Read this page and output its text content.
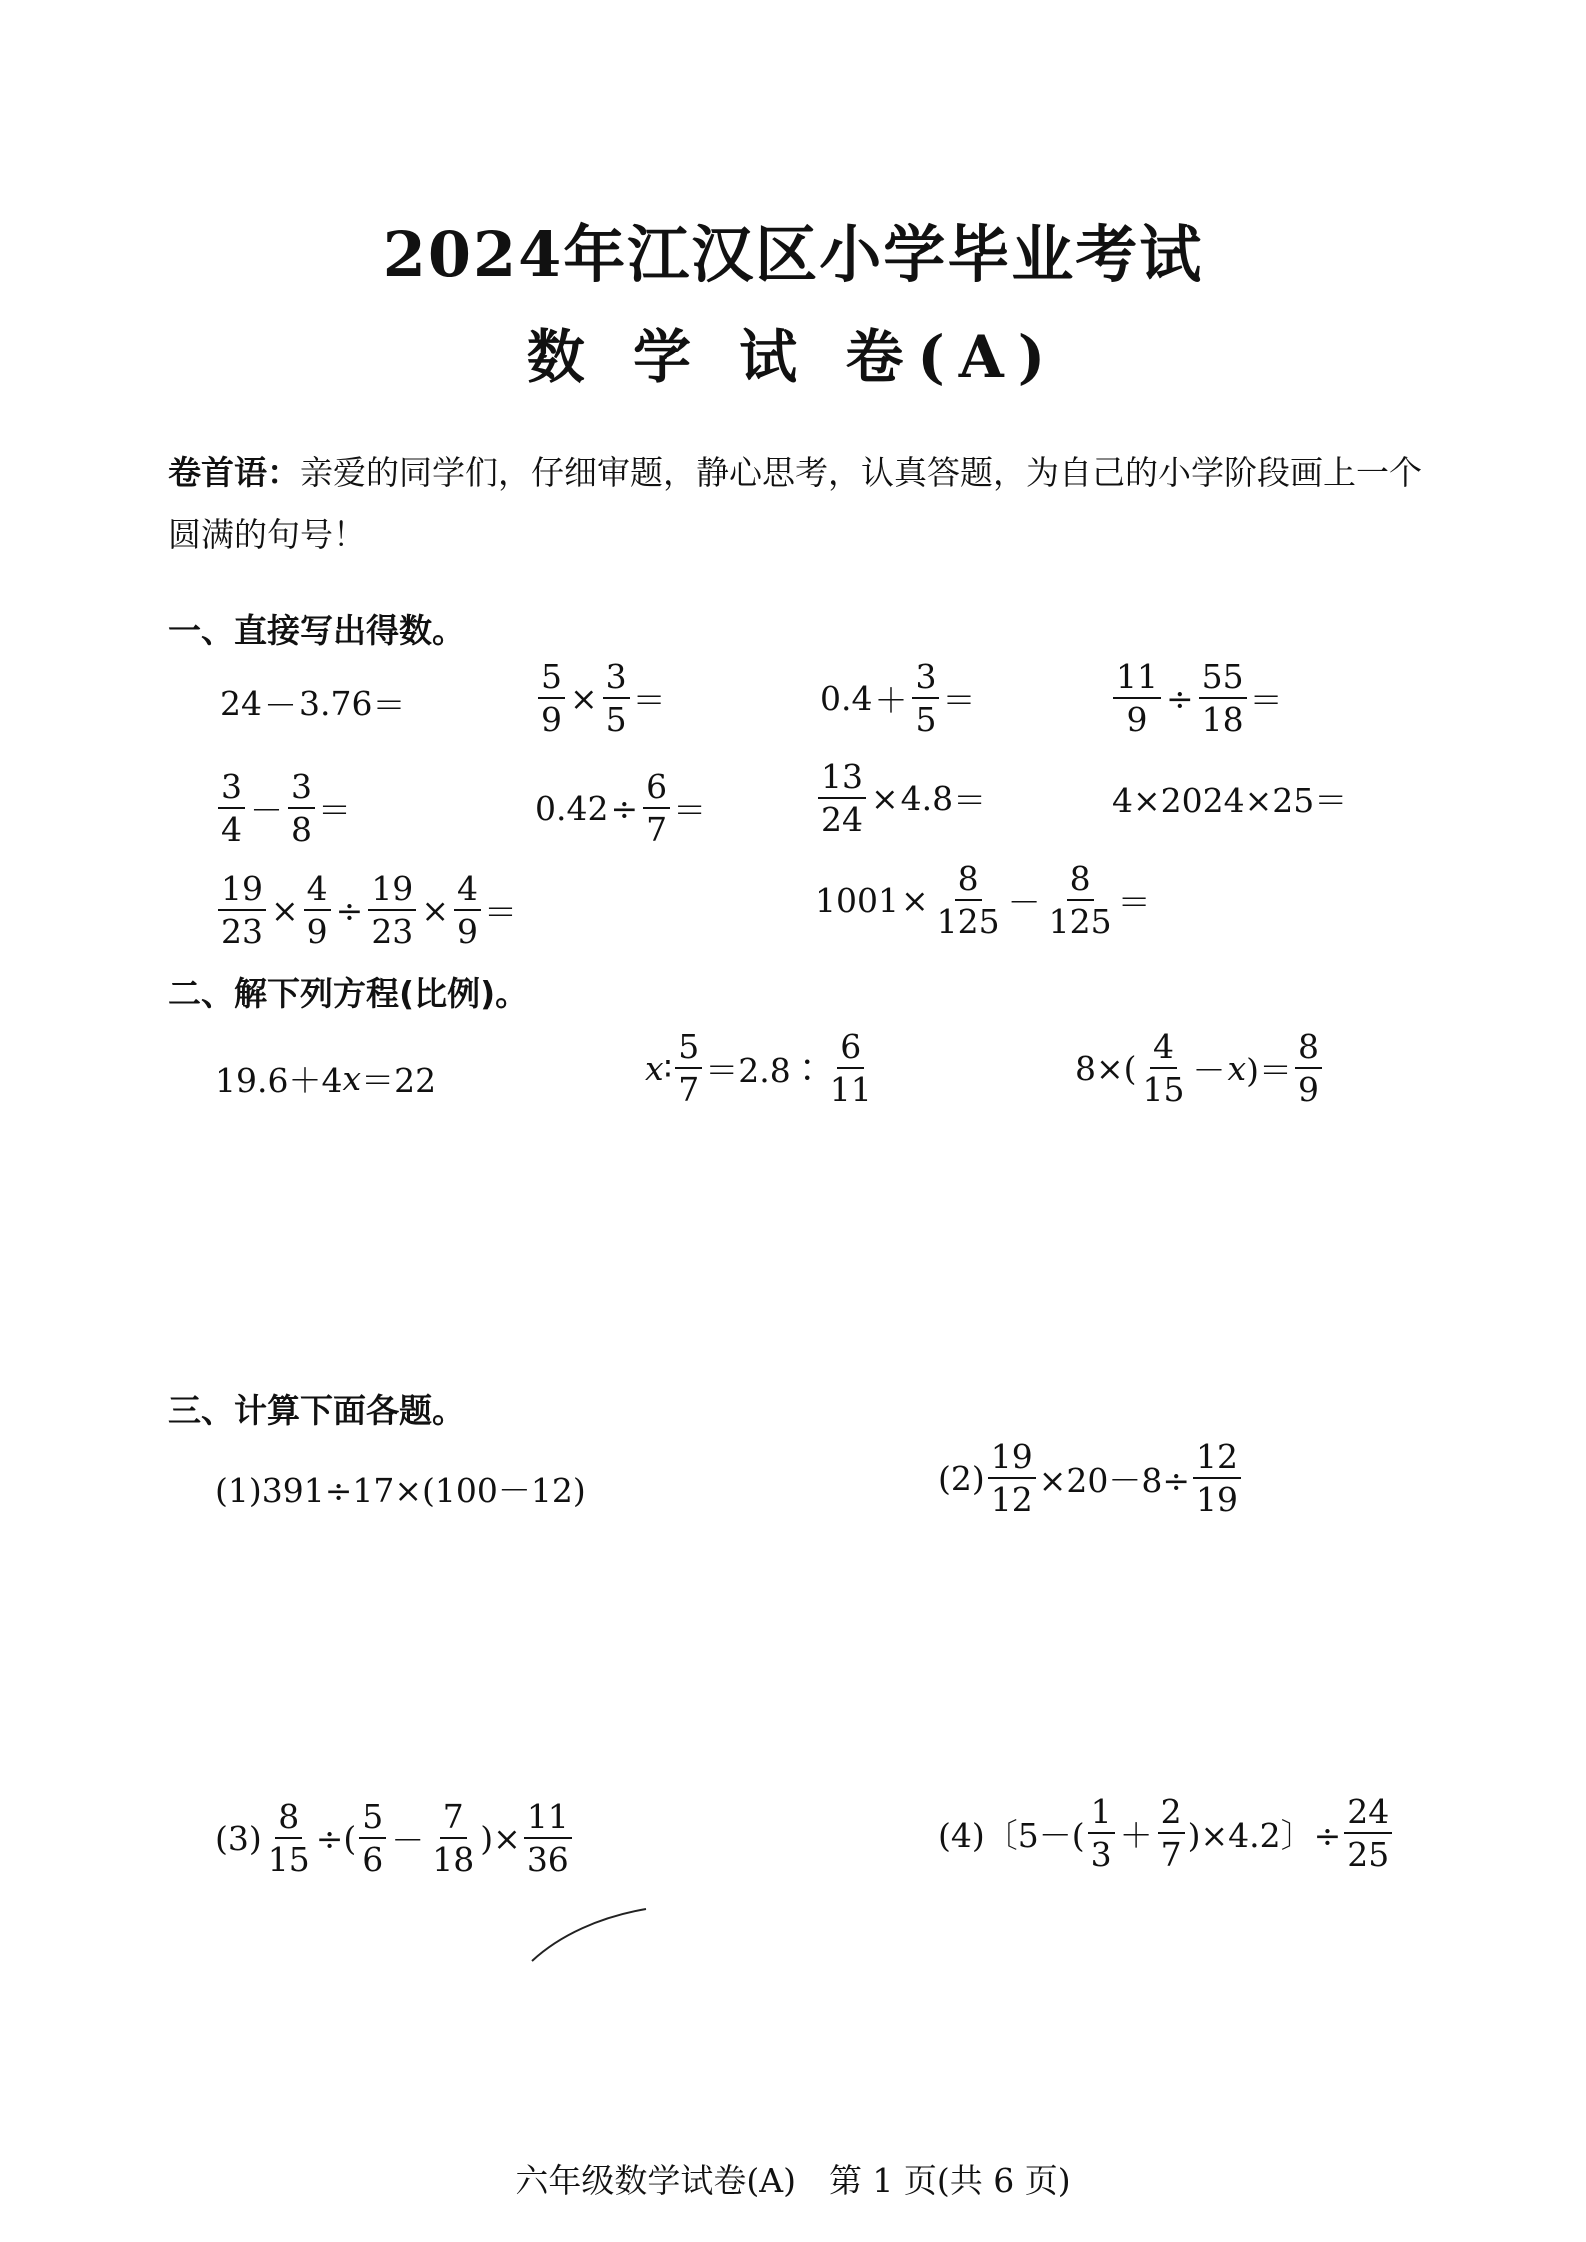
2024年江汉区小学毕业考试
数 学 试 卷(A)
卷首语：亲爱的同学们，仔细审题，静心思考，认真答题，为自己的小学阶段画上一个圆满的句号！
一、直接写出得数。
24 － 3.76 ＝	$\frac{5}{9} \times \frac{3}{5}$ ＝	$0.4 + \frac{3}{5}$ ＝	$\frac{11}{9} \div \frac{55}{18}$ ＝
$\frac{3}{4} - \frac{3}{8}$ ＝	$0.42 \div \frac{6}{7}$ ＝	$\frac{13}{24} \times 4.8$ ＝	4×2024×25＝
$\frac{19}{23} \times \frac{4}{9} \div \frac{19}{23} \times \frac{4}{9}$ ＝	$1001 \times \frac{8}{125} - \frac{8}{125}$ ＝
二、解下列方程(比例)。
19.6＋4 x ＝22	x ∶ $\frac{5}{7}$ ＝2.8∶ $\frac{6}{11}$	$8\times( \frac{4}{15} - x$ )＝ $\frac{8}{9}$
三、计算下面各题。
(1)391÷17×(100－12)	$(2) \frac{19}{12} \times 20-8\div \frac{12}{19}$
$(3) \frac{8}{15}$ ÷( $\frac{5}{6} - \frac{7}{18}$ )× $\frac{11}{36}$	(4)〔$5-( \frac{1}{3} + \frac{2}{7} )\times 4.2$〕÷ $\frac{24}{25}$
六年级数学试卷(A)　第 1 页(共 6 页)
